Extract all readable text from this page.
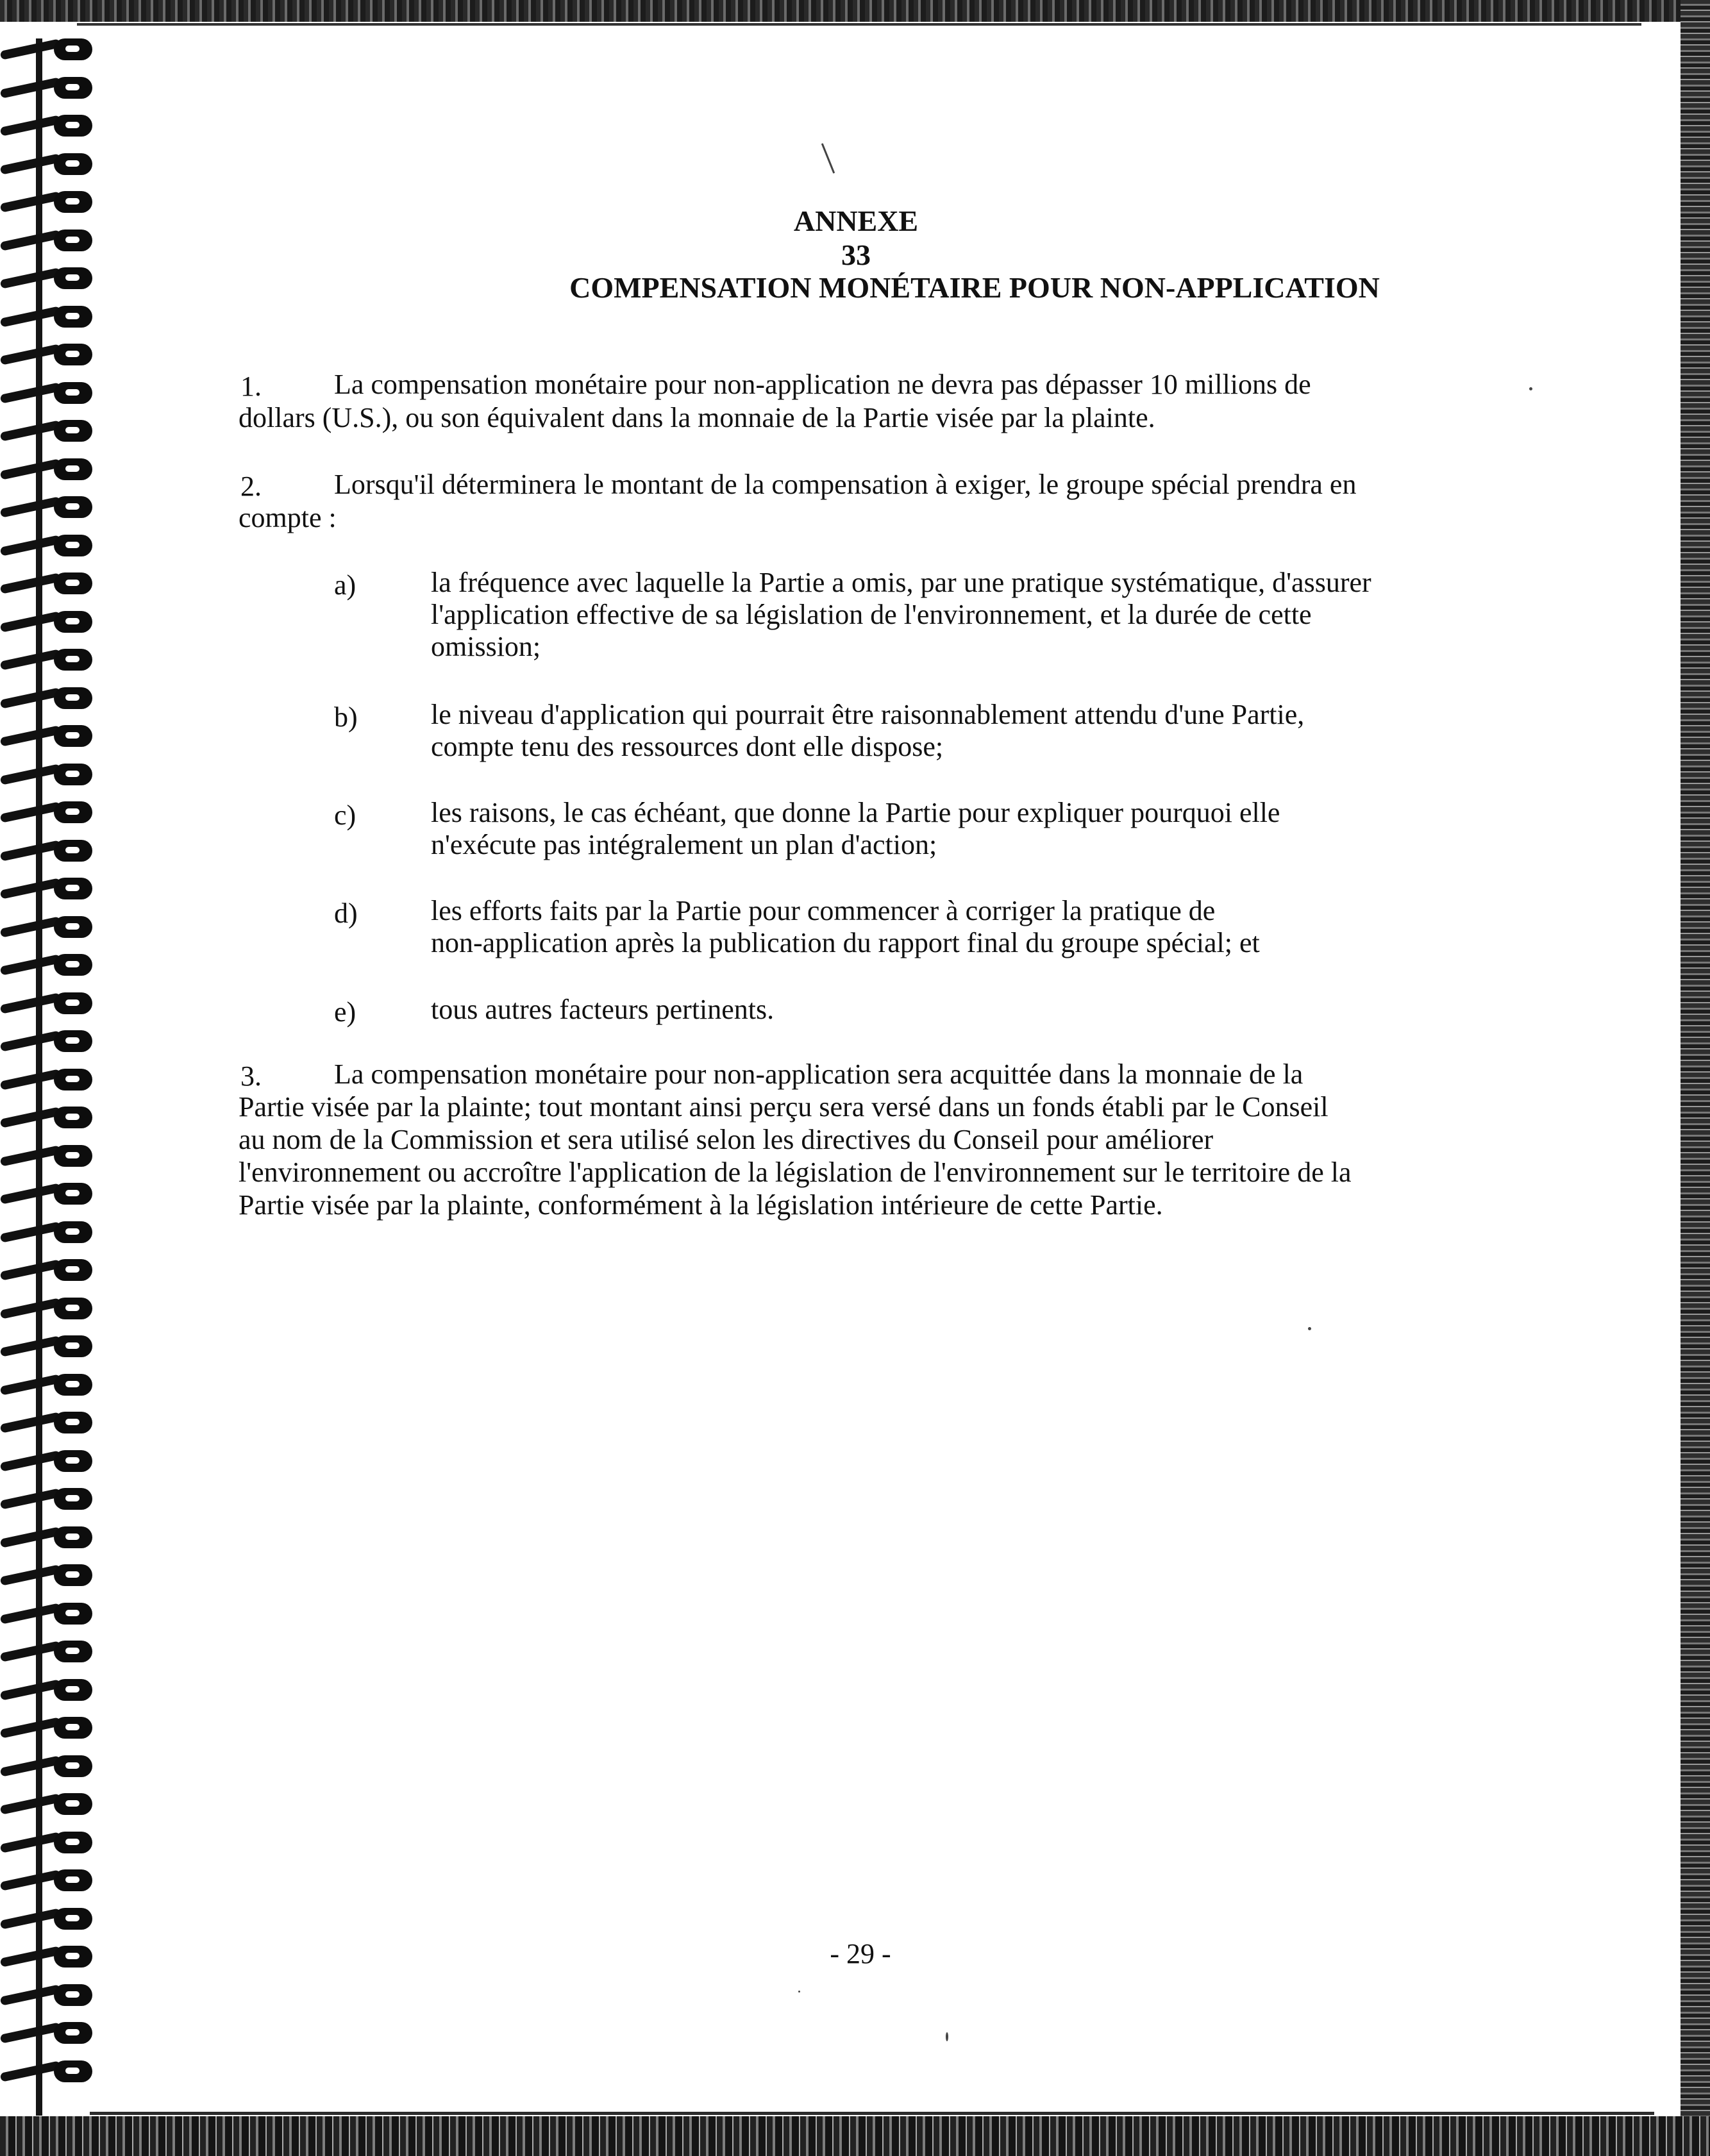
ANNEXE 33
COMPENSATION MONÉTAIRE POUR NON-APPLICATION
1.	La compensation monétaire pour non-application ne devra pas dépasser 10 millions de
dollars (U.S.), ou son équivalent dans la monnaie de la Partie visée par la plainte.
2.	Lorsqu'il déterminera le montant de la compensation à exiger, le groupe spécial prendra en
compte :
a)	la fréquence avec laquelle la Partie a omis, par une pratique systématique, d'assurer
l'application effective de sa législation de l'environnement, et la durée de cette
omission;
b)	le niveau d'application qui pourrait être raisonnablement attendu d'une Partie,
compte tenu des ressources dont elle dispose;
c)	les raisons, le cas échéant, que donne la Partie pour expliquer pourquoi elle
n'exécute pas intégralement un plan d'action;
d)	les efforts faits par la Partie pour commencer à corriger la pratique de
non-application après la publication du rapport final du groupe spécial; et
e)	tous autres facteurs pertinents.
3.	La compensation monétaire pour non-application sera acquittée dans la monnaie de la
Partie visée par la plainte; tout montant ainsi perçu sera versé dans un fonds établi par le Conseil
au nom de la Commission et sera utilisé selon les directives du Conseil pour améliorer
l'environnement ou accroître l'application de la législation de l'environnement sur le territoire de la
Partie visée par la plainte, conformément à la législation intérieure de cette Partie.
- 29 -
